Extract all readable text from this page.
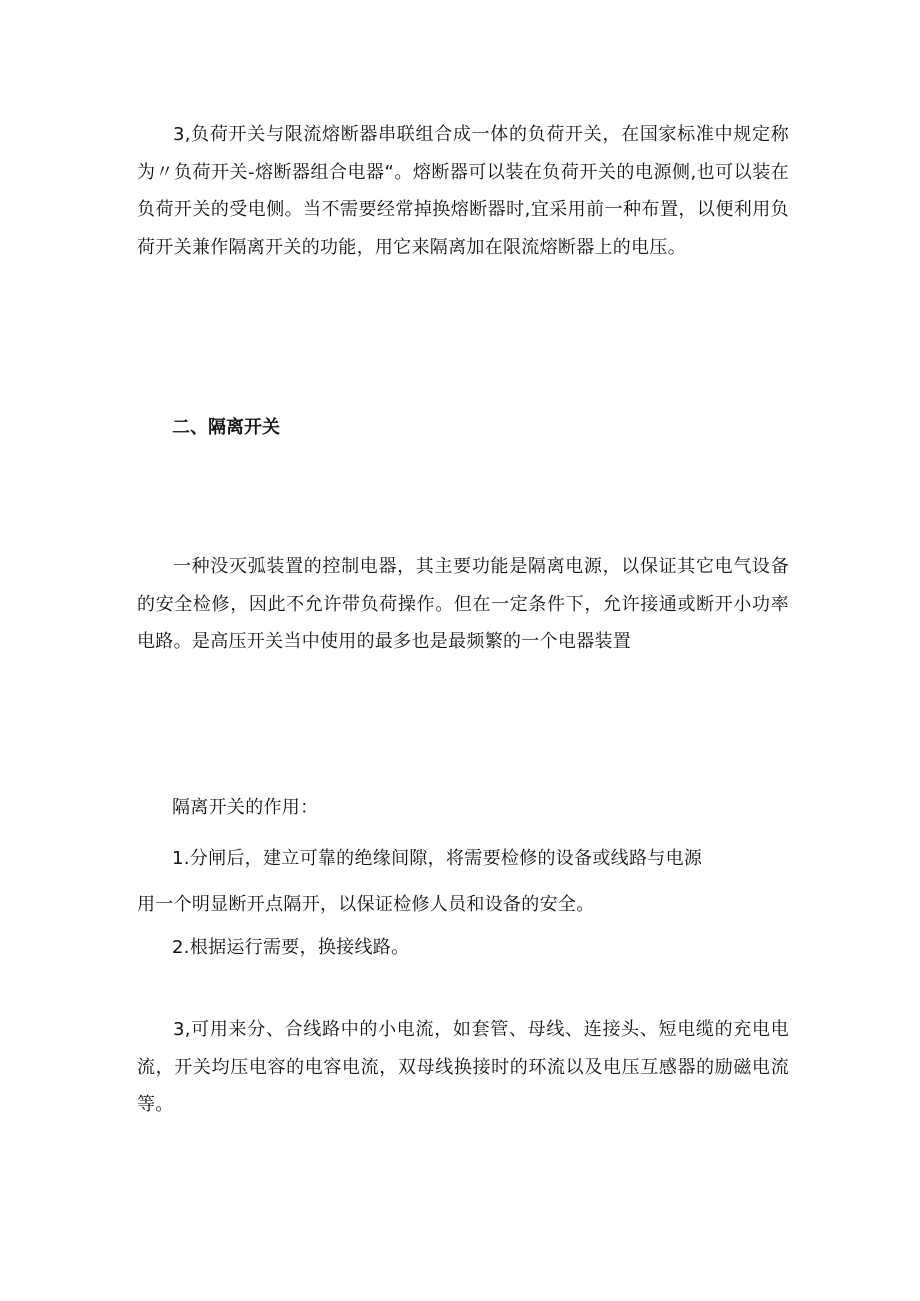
3,负荷开关与限流熔断器串联组合成一体的负荷开关，在国家标准中规定称为〃负荷开关-熔断器组合电器“。熔断器可以装在负荷开关的电源侧,也可以装在负荷开关的受电侧。当不需要经常掉换熔断器时,宜采用前一种布置，以便利用负荷开关兼作隔离开关的功能，用它来隔离加在限流熔断器上的电压。

二、隔离开关

一种没灭弧装置的控制电器，其主要功能是隔离电源，以保证其它电气设备的安全检修，因此不允许带负荷操作。但在一定条件下，允许接通或断开小功率电路。是高压开关当中使用的最多也是最频繁的一个电器装置

隔离开关的作用：

1.分闸后，建立可靠的绝缘间隙，将需要检修的设备或线路与电源

用一个明显断开点隔开，以保证检修人员和设备的安全。

2.根据运行需要，换接线路。

3,可用来分、合线路中的小电流，如套管、母线、连接头、短电缆的充电电流，开关均压电容的电容电流，双母线换接时的环流以及电压互感器的励磁电流等。
